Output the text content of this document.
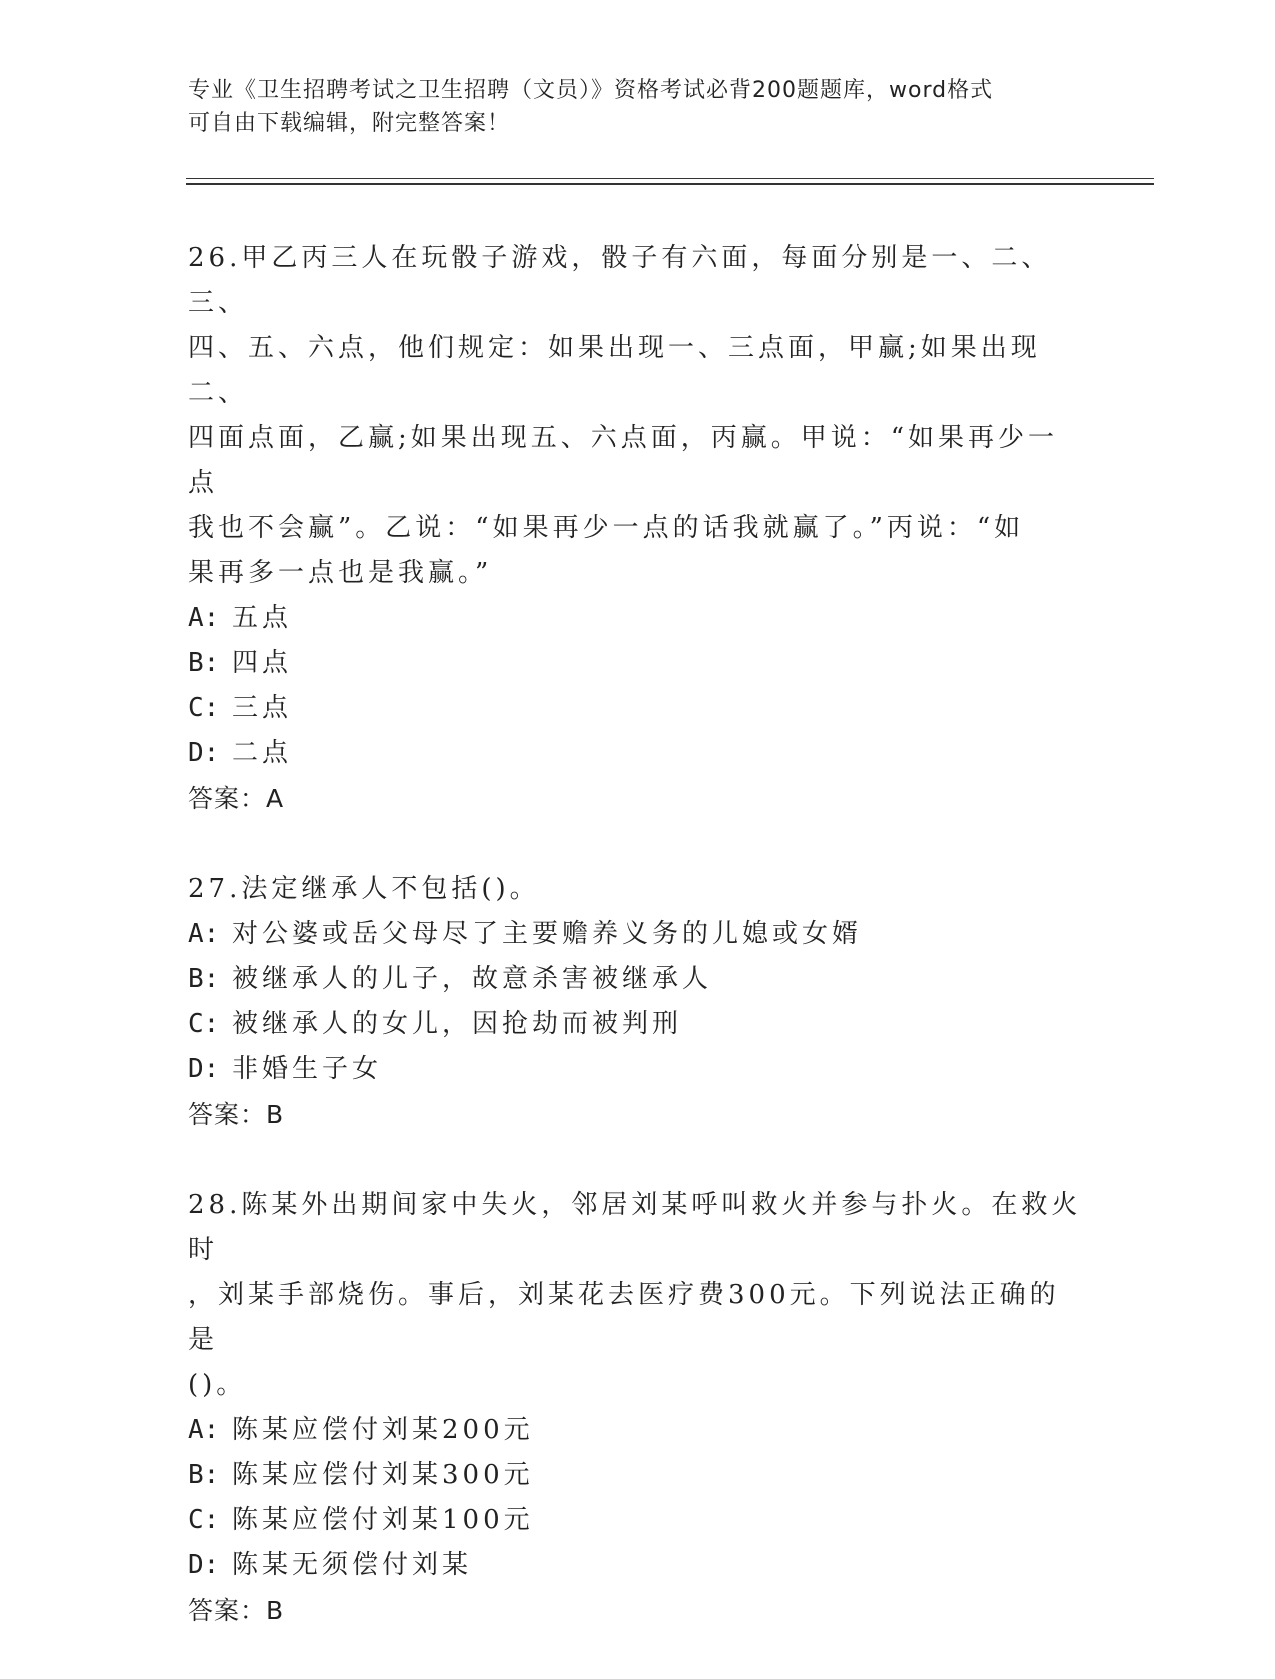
专业《卫生招聘考试之卫生招聘（文员）》资格考试必背200题题库，word格式
可自由下载编辑，附完整答案！
26.甲乙丙三人在玩骰子游戏，骰子有六面，每面分别是一、二、三、
四、五、六点，他们规定：如果出现一、三点面，甲赢;如果出现二、
四面点面，乙赢;如果出现五、六点面，丙赢。甲说：“如果再少一点
我也不会赢”。乙说：“如果再少一点的话我就赢了。”丙说：“如
果再多一点也是我赢。”
A: 五点
B: 四点
C: 三点
D: 二点
答案：A
27.法定继承人不包括()。
A: 对公婆或岳父母尽了主要赡养义务的儿媳或女婿
B: 被继承人的儿子，故意杀害被继承人
C: 被继承人的女儿，因抢劫而被判刑
D: 非婚生子女
答案：B
28.陈某外出期间家中失火，邻居刘某呼叫救火并参与扑火。在救火时
，刘某手部烧伤。事后，刘某花去医疗费300元。下列说法正确的是
()。
A: 陈某应偿付刘某200元
B: 陈某应偿付刘某300元
C: 陈某应偿付刘某100元
D: 陈某无须偿付刘某
答案：B
